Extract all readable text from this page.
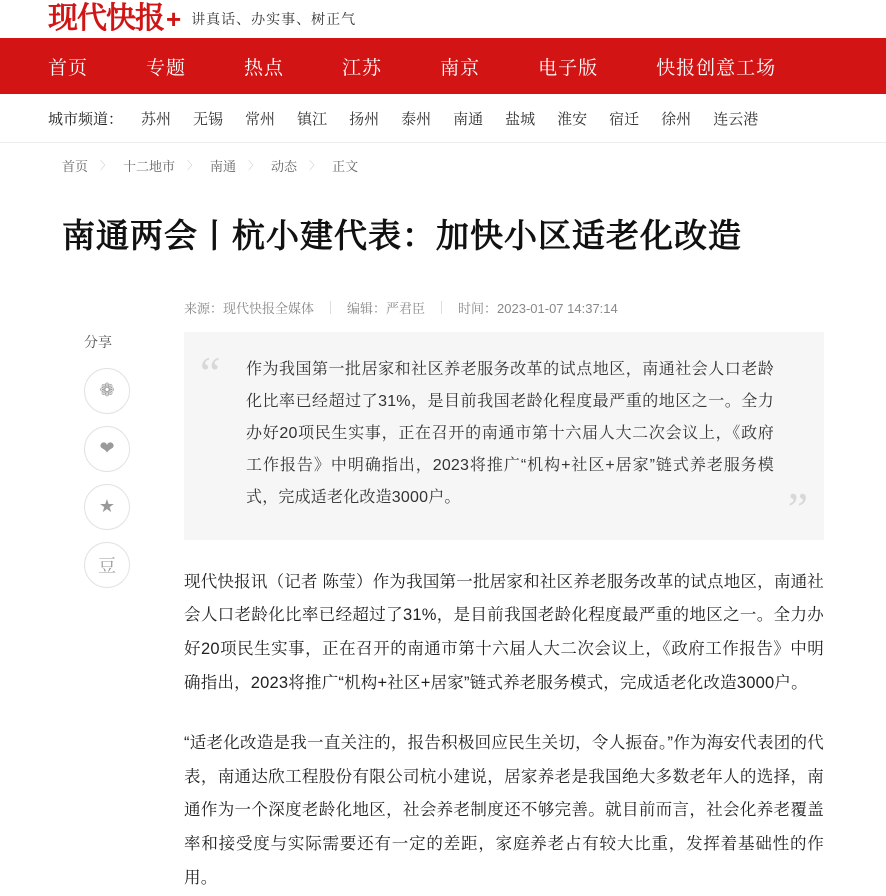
现代快报 + 讲真话、办实事、树正气
首页	专题	热点	江苏	南京	电子版	快报创意工场
城市频道： 苏州 无锡 常州 镇江 扬州 泰州 南通 盐城 淮安 宿迁 徐州 连云港
首页 〉 十二地市 〉 南通 〉 动态 〉 正文
南通两会丨杭小建代表：加快小区适老化改造
来源：现代快报全媒体	编辑：严君臣	时间：2023-01-07 14:37:14
分享
❁
❤
★
豆
“	作为我国第一批居家和社区养老服务改革的试点地区，南通社会人口老龄化比率已经超过了31%，是目前我国老龄化程度最严重的地区之一。全力办好20项民生实事，正在召开的南通市第十六届人大二次会议上，《政府工作报告》中明确指出，2023将推广“机构+社区+居家”链式养老服务模式，完成适老化改造3000户。	”

现代快报讯（记者 陈莹）作为我国第一批居家和社区养老服务改革的试点地区，南通社会人口老龄化比率已经超过了31%，是目前我国老龄化程度最严重的地区之一。全力办好20项民生实事，正在召开的南通市第十六届人大二次会议上，《政府工作报告》中明确指出，2023将推广“机构+社区+居家”链式养老服务模式，完成适老化改造3000户。

“适老化改造是我一直关注的，报告积极回应民生关切，令人振奋。”作为海安代表团的代表，南通达欣工程股份有限公司杭小建说，居家养老是我国绝大多数老年人的选择，南通作为一个深度老龄化地区，社会养老制度还不够完善。就目前而言，社会化养老覆盖率和接受度与实际需要还有一定的差距，家庭养老占有较大比重，发挥着基础性的作用。
